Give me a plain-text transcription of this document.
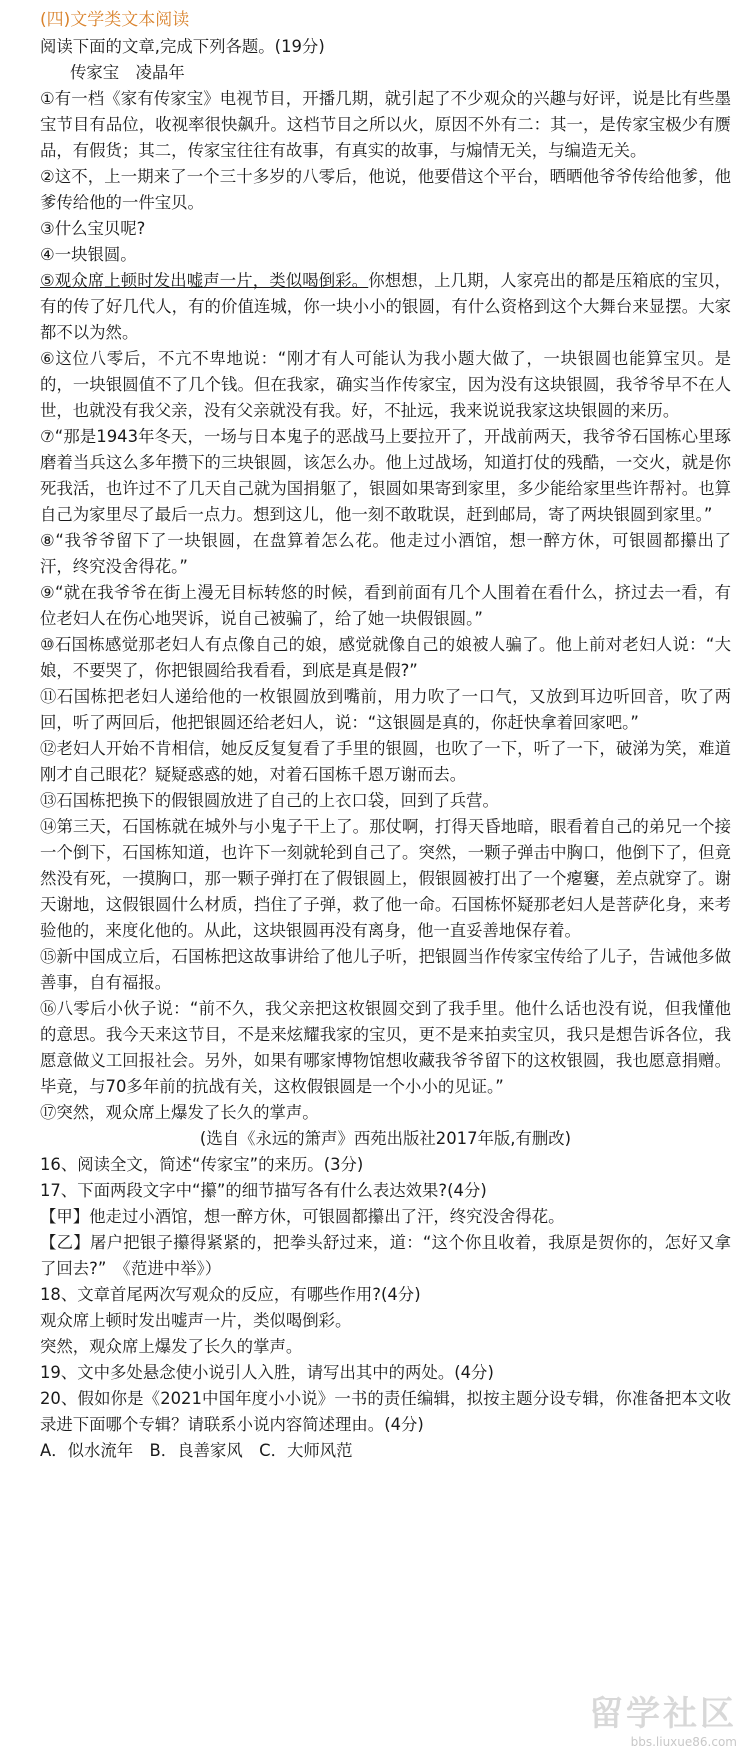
(四)文学类文本阅读

阅读下面的文章,完成下列各题。(19分)

传家宝　凌晶年

①有一档《家有传家宝》电视节目，开播几期，就引起了不少观众的兴趣与好评，说是比有些墨宝节目有品位，收视率很快飙升。这档节目之所以火，原因不外有二：其一，是传家宝极少有赝品，有假货；其二，传家宝往往有故事，有真实的故事，与煽情无关，与编造无关。

②这不，上一期来了一个三十多岁的八零后，他说，他要借这个平台，晒晒他爷爷传给他爹，他爹传给他的一件宝贝。

③什么宝贝呢?

④一块银圆。

⑤观众席上顿时发出嘘声一片，类似喝倒彩。你想想，上几期，人家亮出的都是压箱底的宝贝，有的传了好几代人，有的价值连城，你一块小小的银圆，有什么资格到这个大舞台来显摆。大家都不以为然。

⑥这位八零后，不亢不卑地说：“刚才有人可能认为我小题大做了，一块银圆也能算宝贝。是的，一块银圆值不了几个钱。但在我家，确实当作传家宝，因为没有这块银圆，我爷爷早不在人世，也就没有我父亲，没有父亲就没有我。好，不扯远，我来说说我家这块银圆的来历。

⑦“那是1943年冬天，一场与日本鬼子的恶战马上要拉开了，开战前两天，我爷爷石国栋心里琢磨着当兵这么多年攒下的三块银圆，该怎么办。他上过战场，知道打仗的残酷，一交火，就是你死我活，也许过不了几天自己就为国捐躯了，银圆如果寄到家里，多少能给家里些许帮衬。也算自己为家里尽了最后一点力。想到这儿，他一刻不敢耽误，赶到邮局，寄了两块银圆到家里。”

⑧“我爷爷留下了一块银圆，在盘算着怎么花。他走过小酒馆，想一醉方休，可银圆都攥出了汗，终究没舍得花。”

⑨“就在我爷爷在街上漫无目标转悠的时候，看到前面有几个人围着在看什么，挤过去一看，有位老妇人在伤心地哭诉，说自己被骗了，给了她一块假银圆。”

⑩石国栋感觉那老妇人有点像自己的娘，感觉就像自己的娘被人骗了。他上前对老妇人说：“大娘，不要哭了，你把银圆给我看看，到底是真是假?”

⑪石国栋把老妇人递给他的一枚银圆放到嘴前，用力吹了一口气，又放到耳边听回音，吹了两回，听了两回后，他把银圆还给老妇人，说：“这银圆是真的，你赶快拿着回家吧。”

⑫老妇人开始不肯相信，她反反复复看了手里的银圆，也吹了一下，听了一下，破涕为笑，难道刚才自己眼花？疑疑惑惑的她，对着石国栋千恩万谢而去。

⑬石国栋把换下的假银圆放进了自己的上衣口袋，回到了兵营。

⑭第三天，石国栋就在城外与小鬼子干上了。那仗啊，打得天昏地暗，眼看着自己的弟兄一个接一个倒下，石国栋知道，也许下一刻就轮到自己了。突然，一颗子弹击中胸口，他倒下了，但竟然没有死，一摸胸口，那一颗子弹打在了假银圆上，假银圆被打出了一个瘪窶，差点就穿了。谢天谢地，这假银圆什么材质，挡住了子弹，救了他一命。石国栋怀疑那老妇人是菩萨化身，来考验他的，来度化他的。从此，这块银圆再没有离身，他一直妥善地保存着。

⑮新中国成立后，石国栋把这故事讲给了他儿子听，把银圆当作传家宝传给了儿子，告诫他多做善事，自有福报。

⑯八零后小伙子说：“前不久，我父亲把这枚银圆交到了我手里。他什么话也没有说，但我懂他的意思。我今天来这节目，不是来炫耀我家的宝贝，更不是来拍卖宝贝，我只是想告诉各位，我愿意做义工回报社会。另外，如果有哪家博物馆想收藏我爷爷留下的这枚银圆，我也愿意捐赠。毕竟，与70多年前的抗战有关，这枚假银圆是一个小小的见证。”

⑰突然，观众席上爆发了长久的掌声。

(选自《永远的箫声》西苑出版社2017年版,有删改)

16、阅读全文，简述“传家宝”的来历。(3分)

17、下面两段文字中“攥”的细节描写各有什么表达效果?(4分)

【甲】他走过小酒馆，想一醉方休，可银圆都攥出了汗，终究没舍得花。

【乙】屠户把银子攥得紧紧的，把拳头舒过来，道：“这个你且收着，我原是贺你的，怎好又拿了回去?”　《范进中举》）

18、文章首尾两次写观众的反应，有哪些作用?(4分)

观众席上顿时发出嘘声一片，类似喝倒彩。

突然，观众席上爆发了长久的掌声。

19、文中多处悬念使小说引人入胜，请写出其中的两处。(4分)

20、假如你是《2021中国年度小小说》一书的责任编辑，拟按主题分设专辑，你准备把本文收录进下面哪个专辑？请联系小说内容简述理由。(4分)

A．似水流年　B．良善家风　C．大师风范

留学社区
bbs.liuxue86.com
